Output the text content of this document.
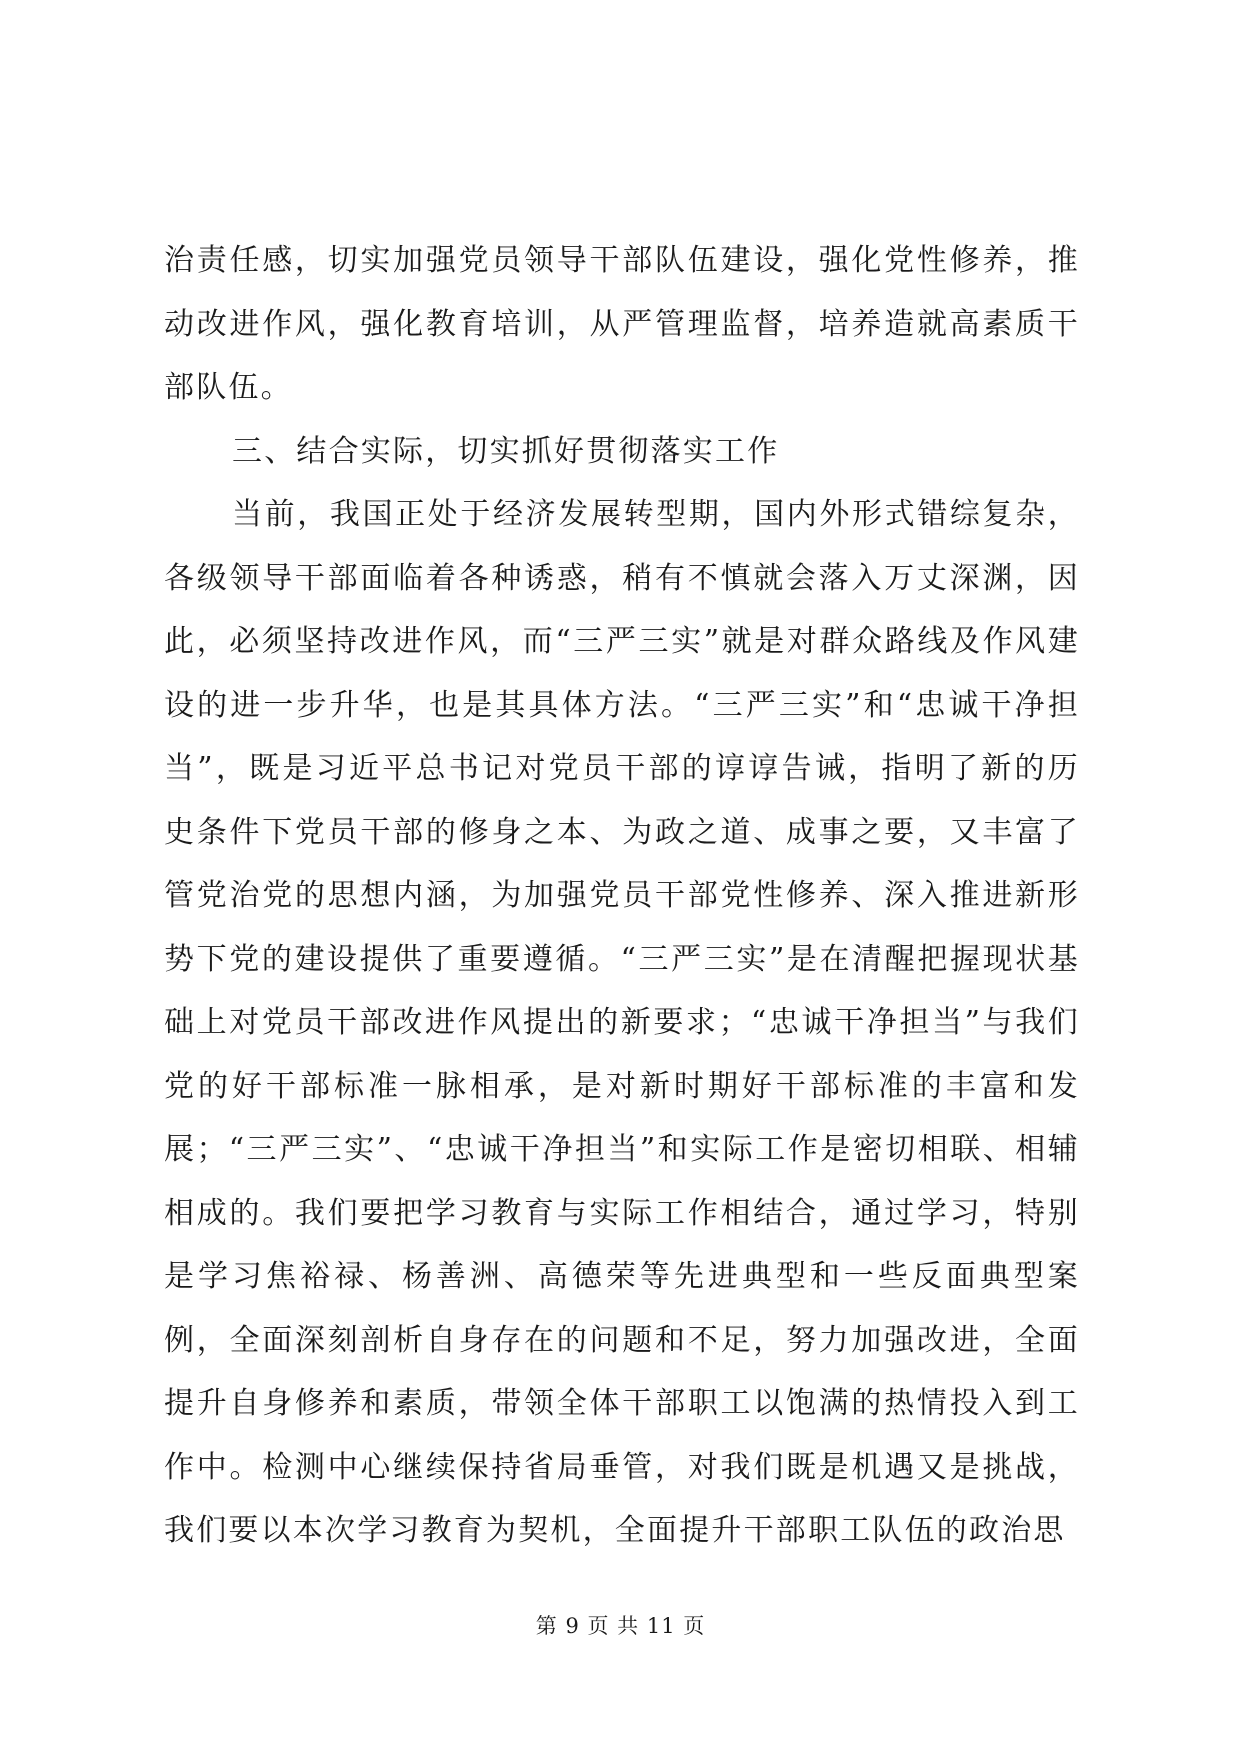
治责任感，切实加强党员领导干部队伍建设，强化党性修养，推动改进作风，强化教育培训，从严管理监督，培养造就高素质干部队伍。

三、结合实际，切实抓好贯彻落实工作

当前，我国正处于经济发展转型期，国内外形式错综复杂，各级领导干部面临着各种诱惑，稍有不慎就会落入万丈深渊，因此，必须坚持改进作风，而“三严三实”就是对群众路线及作风建设的进一步升华，也是其具体方法。“三严三实”和“忠诚干净担当”，既是习近平总书记对党员干部的谆谆告诫，指明了新的历史条件下党员干部的修身之本、为政之道、成事之要，又丰富了管党治党的思想内涵，为加强党员干部党性修养、深入推进新形势下党的建设提供了重要遵循。“三严三实”是在清醒把握现状基础上对党员干部改进作风提出的新要求；“忠诚干净担当”与我们党的好干部标准一脉相承，是对新时期好干部标准的丰富和发展；“三严三实”、“忠诚干净担当”和实际工作是密切相联、相辅相成的。我们要把学习教育与实际工作相结合，通过学习，特别是学习焦裕禄、杨善洲、高德荣等先进典型和一些反面典型案例，全面深刻剖析自身存在的问题和不足，努力加强改进，全面提升自身修养和素质，带领全体干部职工以饱满的热情投入到工作中。检测中心继续保持省局垂管，对我们既是机遇又是挑战，我们要以本次学习教育为契机，全面提升干部职工队伍的政治思

第 9 页 共 11 页
